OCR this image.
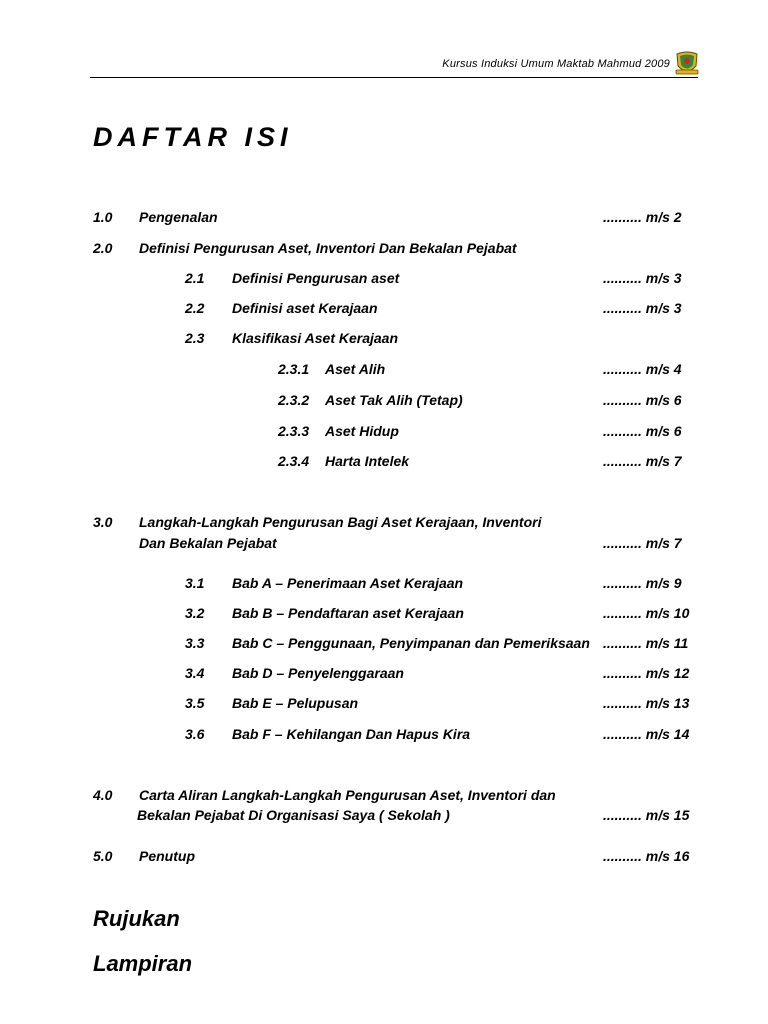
Kursus Induksi Umum Maktab Mahmud 2009
DAFTAR ISI
1.0 Pengenalan	.......... m/s 2
2.0 Definisi Pengurusan Aset, Inventori Dan Bekalan Pejabat
2.1 Definisi Pengurusan aset	.......... m/s 3
2.2 Definisi aset Kerajaan	.......... m/s 3
2.3 Klasifikasi Aset Kerajaan
2.3.1 Aset Alih	.......... m/s 4
2.3.2 Aset Tak Alih (Tetap)	.......... m/s 6
2.3.3 Aset Hidup	.......... m/s 6
2.3.4 Harta Intelek	.......... m/s 7
3.0 Langkah-Langkah Pengurusan Bagi Aset Kerajaan, Inventori
Dan Bekalan Pejabat	.......... m/s 7
3.1 Bab A – Penerimaan Aset Kerajaan	.......... m/s 9
3.2 Bab B – Pendaftaran aset Kerajaan	.......... m/s 10
3.3 Bab C – Penggunaan, Penyimpanan dan Pemeriksaan .......... m/s 11
3.4 Bab D – Penyelenggaraan	.......... m/s 12
3.5 Bab E – Pelupusan	.......... m/s 13
3.6 Bab F – Kehilangan Dan Hapus Kira	.......... m/s 14
4.0 Carta Aliran Langkah-Langkah Pengurusan Aset, Inventori dan
Bekalan Pejabat Di Organisasi Saya ( Sekolah )	.......... m/s 15
5.0 Penutup	.......... m/s 16
Rujukan
Lampiran
